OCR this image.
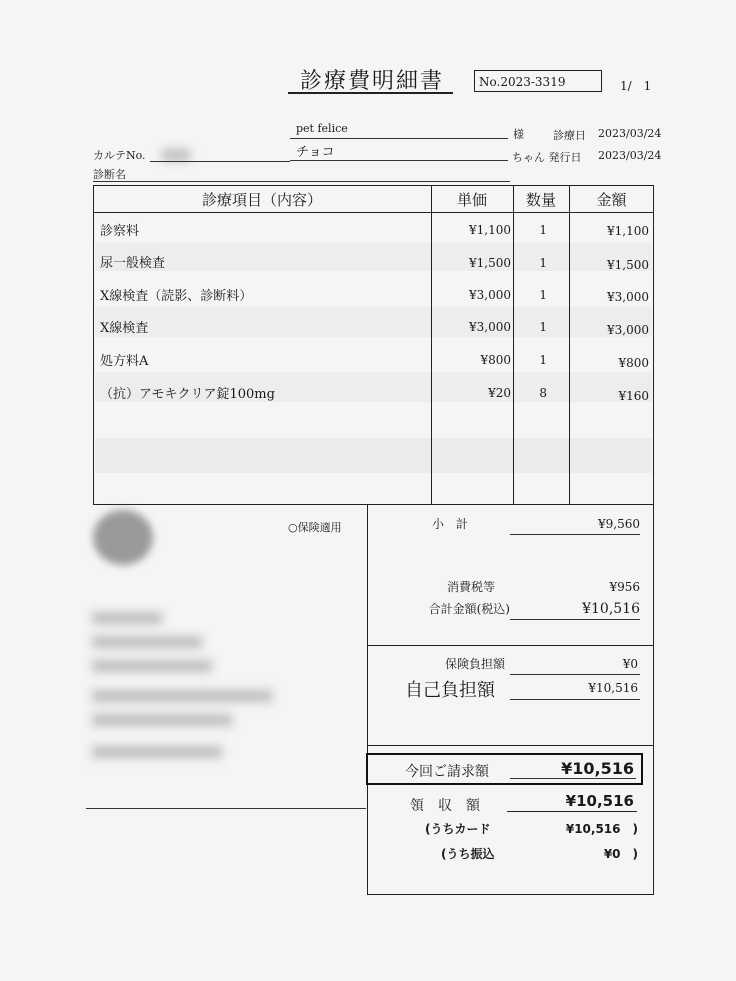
診療費明細書	No.2023-3319	1/　1
pet felice	様	診療日 2023/03/24
カルテNo.	チョコ	ちゃん 発行日 2023/03/24
診断名
診療項目（内容）	単価	数量	金額
診察料	¥1,100	1	¥1,100
尿一般検査	¥1,500	1	¥1,500
X線検査（読影、診断料）	¥3,000	1	¥3,000
X線検査	¥3,000	1	¥3,000
処方料A	¥800	1	¥800
（抗）アモキクリア錠100mg	¥20	8	¥160
○保険適用	小　計	¥9,560
消費税等	¥956
合計金額(税込)	¥10,516
保険負担額	¥0
自己負担額	¥10,516
今回ご請求額	¥10,516
領　収　額	¥10,516
(うちカード	¥10,516　)
(うち振込	¥0　)
